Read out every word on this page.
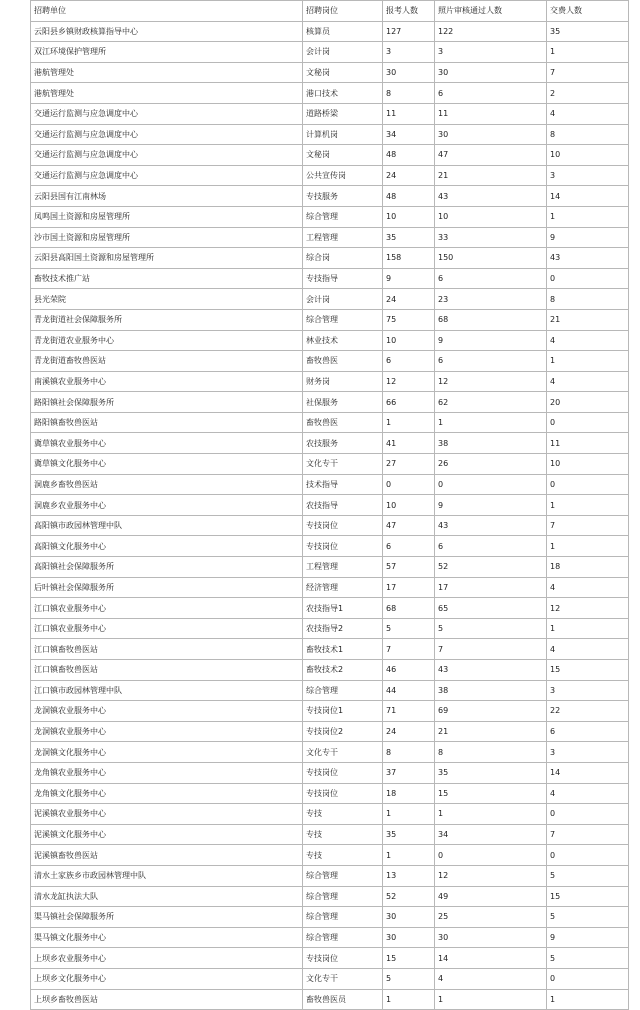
招聘单位	招聘岗位	报考人数	照片审核通过人数	交费人数
云阳县乡镇财政核算指导中心	核算员	127	122	35
双江环境保护管理所	会计岗	3	3	1
港航管理处	文秘岗	30	30	7
港航管理处	港口技术	8	6	2
交通运行监测与应急调度中心	道路桥梁	11	11	4
交通运行监测与应急调度中心	计算机岗	34	30	8
交通运行监测与应急调度中心	文秘岗	48	47	10
交通运行监测与应急调度中心	公共宣传岗	24	21	3
云阳县国有江南林场	专技服务	48	43	14
凤鸣国土资源和房屋管理所	综合管理	10	10	1
沙市国土资源和房屋管理所	工程管理	35	33	9
云阳县高阳国土资源和房屋管理所	综合岗	158	150	43
畜牧技术推广站	专技指导	9	6	0
县光荣院	会计岗	24	23	8
青龙街道社会保障服务所	综合管理	75	68	21
青龙街道农业服务中心	林业技术	10	9	4
青龙街道畜牧兽医站	畜牧兽医	6	6	1
南溪镇农业服务中心	财务岗	12	12	4
路阳镇社会保障服务所	社保服务	66	62	20
路阳镇畜牧兽医站	畜牧兽医	1	1	0
冀草镇农业服务中心	农技服务	41	38	11
冀草镇文化服务中心	文化专干	27	26	10
洞鹿乡畜牧兽医站	技术指导	0	0	0
洞鹿乡农业服务中心	农技指导	10	9	1
高阳镇市政园林管理中队	专技岗位	47	43	7
高阳镇文化服务中心	专技岗位	6	6	1
高阳镇社会保障服务所	工程管理	57	52	18
后叶镇社会保障服务所	经济管理	17	17	4
江口镇农业服务中心	农技指导1	68	65	12
江口镇农业服务中心	农技指导2	5	5	1
江口镇畜牧兽医站	畜牧技术1	7	7	4
江口镇畜牧兽医站	畜牧技术2	46	43	15
江口镇市政园林管理中队	综合管理	44	38	3
龙洞镇农业服务中心	专技岗位1	71	69	22
龙洞镇农业服务中心	专技岗位2	24	21	6
龙洞镇文化服务中心	文化专干	8	8	3
龙角镇农业服务中心	专技岗位	37	35	14
龙角镇文化服务中心	专技岗位	18	15	4
泥溪镇农业服务中心	专技	1	1	0
泥溪镇文化服务中心	专技	35	34	7
泥溪镇畜牧兽医站	专技	1	0	0
清水土家族乡市政园林管理中队	综合管理	13	12	5
清水龙缸执法大队	综合管理	52	49	15
渠马镇社会保障服务所	综合管理	30	25	5
渠马镇文化服务中心	综合管理	30	30	9
上坝乡农业服务中心	专技岗位	15	14	5
上坝乡文化服务中心	文化专干	5	4	0
上坝乡畜牧兽医站	畜牧兽医员	1	1	1
